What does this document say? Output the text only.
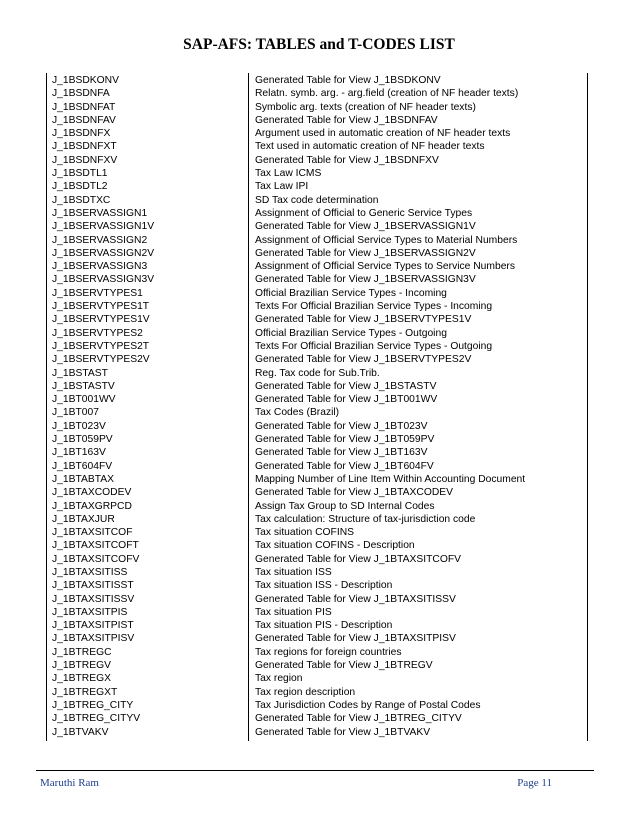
SAP-AFS: TABLES and T-CODES LIST
J_1BSDKONV	Generated Table for View J_1BSDKONV
J_1BSDNFA	Relatn. symb. arg. - arg.field (creation of NF header texts)
J_1BSDNFAT	Symbolic arg. texts (creation of NF header texts)
J_1BSDNFAV	Generated Table for View J_1BSDNFAV
J_1BSDNFX	Argument used in automatic creation of NF header texts
J_1BSDNFXT	Text used in automatic creation of NF header texts
J_1BSDNFXV	Generated Table for View J_1BSDNFXV
J_1BSDTL1	Tax Law ICMS
J_1BSDTL2	Tax Law IPI
J_1BSDTXC	SD Tax code determination
J_1BSERVASSIGN1	Assignment of Official to Generic Service Types
J_1BSERVASSIGN1V	Generated Table for View J_1BSERVASSIGN1V
J_1BSERVASSIGN2	Assignment of Official Service Types to Material Numbers
J_1BSERVASSIGN2V	Generated Table for View J_1BSERVASSIGN2V
J_1BSERVASSIGN3	Assignment of Official Service Types to Service Numbers
J_1BSERVASSIGN3V	Generated Table for View J_1BSERVASSIGN3V
J_1BSERVTYPES1	Official Brazilian Service Types - Incoming
J_1BSERVTYPES1T	Texts For Official Brazilian Service Types - Incoming
J_1BSERVTYPES1V	Generated Table for View J_1BSERVTYPES1V
J_1BSERVTYPES2	Official Brazilian Service Types - Outgoing
J_1BSERVTYPES2T	Texts For Official Brazilian Service Types - Outgoing
J_1BSERVTYPES2V	Generated Table for View J_1BSERVTYPES2V
J_1BSTAST	Reg. Tax code for Sub.Trib.
J_1BSTASTV	Generated Table for View J_1BSTASTV
J_1BT001WV	Generated Table for View J_1BT001WV
J_1BT007	Tax Codes (Brazil)
J_1BT023V	Generated Table for View J_1BT023V
J_1BT059PV	Generated Table for View J_1BT059PV
J_1BT163V	Generated Table for View J_1BT163V
J_1BT604FV	Generated Table for View J_1BT604FV
J_1BTABTAX	Mapping Number of Line Item Within Accounting Document
J_1BTAXCODEV	Generated Table for View J_1BTAXCODEV
J_1BTAXGRPCD	Assign Tax Group to SD Internal Codes
J_1BTAXJUR	Tax calculation: Structure of tax-jurisdiction code
J_1BTAXSITCOF	Tax situation COFINS
J_1BTAXSITCOFT	Tax situation COFINS - Description
J_1BTAXSITCOFV	Generated Table for View J_1BTAXSITCOFV
J_1BTAXSITISS	Tax situation ISS
J_1BTAXSITISST	Tax situation ISS - Description
J_1BTAXSITISSV	Generated Table for View J_1BTAXSITISSV
J_1BTAXSITPIS	Tax situation PIS
J_1BTAXSITPIST	Tax situation PIS - Description
J_1BTAXSITPISV	Generated Table for View J_1BTAXSITPISV
J_1BTREGC	Tax regions for foreign countries
J_1BTREGV	Generated Table for View J_1BTREGV
J_1BTREGX	Tax region
J_1BTREGXT	Tax region description
J_1BTREG_CITY	Tax Jurisdiction Codes by Range of Postal Codes
J_1BTREG_CITYV	Generated Table for View J_1BTREG_CITYV
J_1BTVAKV	Generated Table for View J_1BTVAKV
Maruthi Ram	Page 11
